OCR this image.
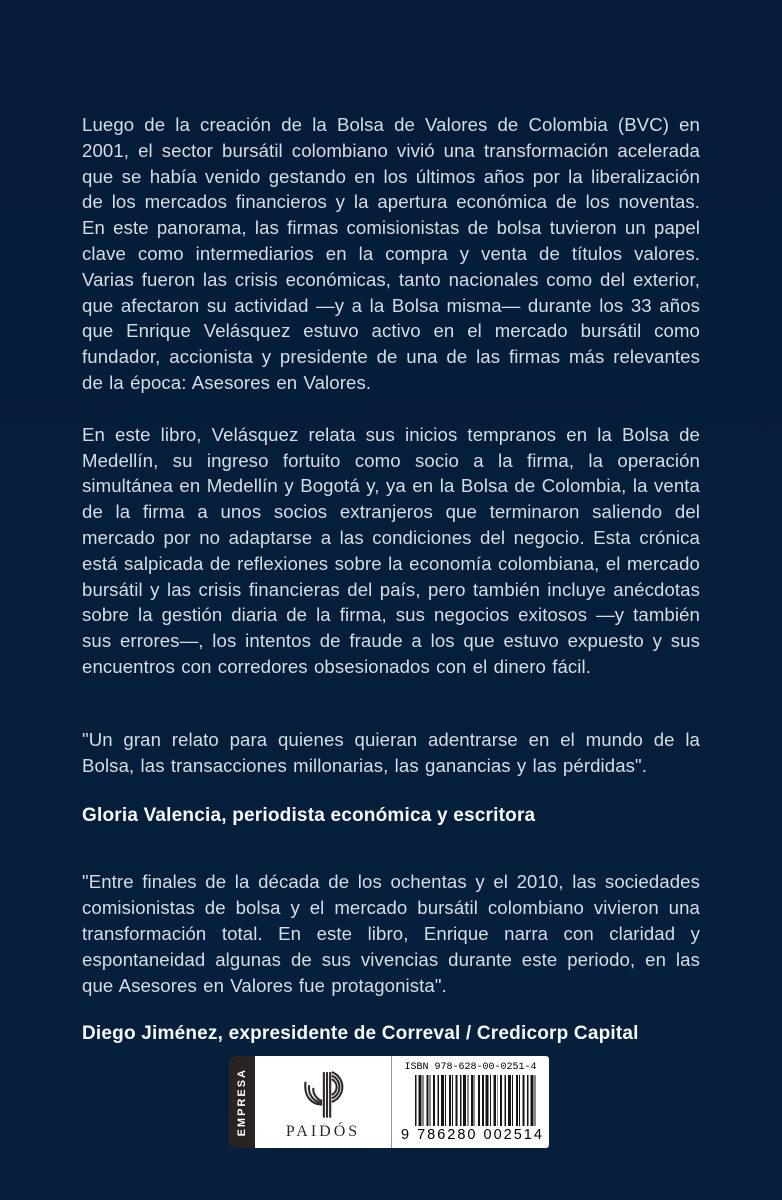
Luego de la creación de la Bolsa de Valores de Colombia (BVC) en 2001, el sector bursátil colombiano vivió una transformación acelerada que se había venido gestando en los últimos años por la liberalización de los mercados financieros y la apertura económica de los noventas. En este panorama, las firmas comisionistas de bolsa tuvieron un papel clave como intermediarios en la compra y venta de títulos valores. Varias fueron las crisis económicas, tanto nacionales como del exterior, que afectaron su actividad —y a la Bolsa misma— durante los 33 años que Enrique Velásquez estuvo activo en el mercado bursátil como fundador, accionista y presidente de una de las firmas más relevantes de la época: Asesores en Valores.

En este libro, Velásquez relata sus inicios tempranos en la Bolsa de Medellín, su ingreso fortuito como socio a la firma, la operación simultánea en Medellín y Bogotá y, ya en la Bolsa de Colombia, la venta de la firma a unos socios extranjeros que terminaron saliendo del mercado por no adaptarse a las condiciones del negocio. Esta crónica está salpicada de reflexiones sobre la economía colombiana, el mercado bursátil y las crisis financieras del país, pero también incluye anécdotas sobre la gestión diaria de la firma, sus negocios exitosos —y también sus errores—, los intentos de fraude a los que estuvo expuesto y sus encuentros con corredores obsesionados con el dinero fácil.

"Un gran relato para quienes quieran adentrarse en el mundo de la Bolsa, las transacciones millonarias, las ganancias y las pérdidas".

Gloria Valencia, periodista económica y escritora

"Entre finales de la década de los ochentas y el 2010, las sociedades comisionistas de bolsa y el mercado bursátil colombiano vivieron una transformación total. En este libro, Enrique narra con claridad y espontaneidad algunas de sus vivencias durante este periodo, en las que Asesores en Valores fue protagonista".

Diego Jiménez, expresidente de Correval / Credicorp Capital

EMPRESA PAIDÓS
ISBN 978-628-00-0251-4
9 786280 002514
